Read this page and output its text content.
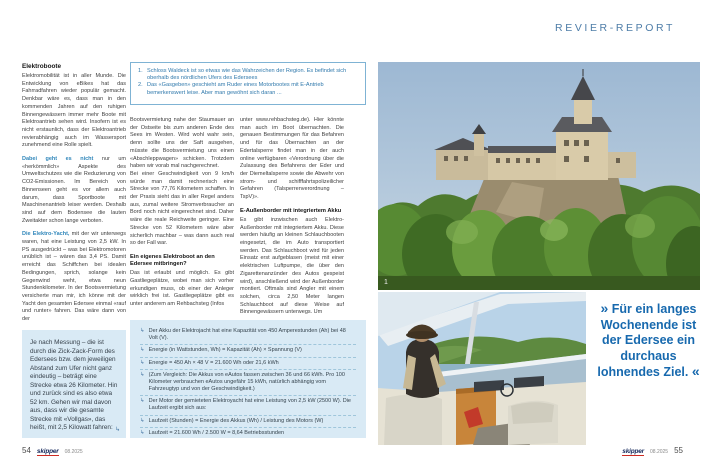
REVIER-REPORT
Elektroboote

Elektromobilität ist in aller Munde. Die Entwicklung von eBikes hat das Fahrradfahren wieder populär gemacht. Denkbar wäre es, dass man in den kommenden Jahren auf den ruhigen Binnengewässern immer mehr Boote mit Elektroantrieb sehen wird. Insofern ist es nicht erstaunlich, dass der Elektroantrieb revierabhängig auch im Wassersport zunehmend eine Rolle spielt.

Dabei geht es nicht nur um «herkömmlich» Aspekte des Umweltschutzes wie die Reduzierung von CO2-Emissionen. Im Bereich von Binnenseen geht es vor allem auch darum, dass Sportboote mit Maschinenantrieb leiser werden. Deshalb sind auf dem Bodensee die lauten Zweitakter schon lange verboten.

Die Elektro-Yacht, mit der wir unterwegs waren, hat eine Leistung von 2,5 kW. In PS ausgedrückt – was bei Elektromotoren unüblich ist – wären das 3,4 PS. Damit erreicht das Schiffchen bei idealen Bedingungen, sprich, solange kein Gegenwind weht, etwa neun Stundenkilometer. In der Bootsvermietung versicherte man mir, ich könne mit der Yacht den gesamten Edersee einmal «rauf und runter» fahren. Das wäre dann von der

1. Schloss Waldeck ist so etwas wie das Wahrzeichen der Region. Es befindet sich oberhalb des nördlichen Ufers des Edersees
2. Das «Gasgeben» geschieht am Ruder eines Motorbootes mit E-Antrieb bemerkenswert leise. Aber man gewöhnt sich daran ...

Bootsvermietung nahe der Staumauer an der Ostseite bis zum anderen Ende des Sees im Westen. Wird wohl wahr sein, denn sollte uns der Saft ausgehen, müsste die Bootsvermietung uns einen «Abschleppwagen» schicken. Trotzdem haben wir vorab mal nachgerechnet.

Bei einer Geschwindigkeit von 9 km/h würde man damit rechnerisch eine Strecke von 77,76 Kilometern schaffen. In der Praxis sieht das in aller Regel anders aus, zumal weitere Stromverbraucher an Bord noch nicht eingerechnet sind. Daher wäre die reale Reichweite geringer. Eine Strecke von 52 Kilometern wäre aber sicherlich machbar – was dann auch real so der Fall war.

Ein eigenes Elektroboot an den Edersee mitbringen?

Das ist erlaubt und möglich. Es gibt Gastliegeplätze, wobei man sich vorher erkundigen muss, ob einer der Anleger wirklich frei ist. Gastliegeplätze gibt es unter anderem am Rehbachsteg (Infos

unter www.rehbachsteg.de). Hier könnte man auch im Boot übernachten. Die genauen Bestimmungen für das Befahren und für das Übernachten an der Edertalsperre findet man in der auch online verfügbaren «Verordnung über die Zulassung des Befahrens der Eder und der Diemeltalsperre sowie die Abwehr von strom- und schifffahrtspolizeilicher Gefahren (Talsperrenverordnung – TspV)».

E-Außenborder mit integriertem Akku

Es gibt inzwischen auch Elektro-Außenborder mit integriertem Akku. Diese werden häufig an kleinen Schlauchbooten eingesetzt, die im Auto transportiert werden. Das Schlauchboot wird für jeden Einsatz erst aufgeblasen (meist mit einer elektrischen Luftpumpe, die über den Zigarettenanzünder des Autos gespeist wird), anschließend wird der Außenborder montiert. Oftmals sind Angler mit einem solchen, circa 2,50 Meter langen Schlauchboot auf diese Weise auf Binnengewässern unterwegs. Um

Je nach Messung – die ist durch die Zick-Zack-Form des Edersees bzw. dem jeweiligen Abstand zum Ufer nicht ganz eindeutig – beträgt eine Strecke etwa 26 Kilometer. Hin und zurück sind es also etwa 52 km. Gehen wir mal davon aus, dass wir die gesamte Strecke mit «Vollgas», das heißt, mit 2,5 Kilowatt fahren: ↳
↳ Der Akku der Elektrojacht hat eine Kapazität von 450 Amperestunden (Ah) bei 48 Volt (V).
↳ Energie (in Wattstunden, Wh) = Kapazität (Ah) × Spannung (V)
↳ Energie = 450 Ah × 48 V = 21.600 Wh oder 21,6 kWh
↳ (Zum Vergleich: Die Akkus von eAutos fassen zwischen 36 und 66 kWh. Pro 100 Kilometer verbrauchen eAutos ungefähr 15 kWh, natürlich abhängig vom Fahrzeugtyp und von der Geschwindigkeit.)
↳ Der Motor der gemieteten Elektroyacht hat eine Leistung von 2,5 kW (2500 W). Die Laufzeit ergibt sich aus:
↳ Laufzeit (Stunden) = Energie des Akkus (Wh) / Leistung des Motors (W)
↳ Laufzeit = 21.600 Wh / 2.500 W = 8,64 Betriebsstunden
1
» Für ein langes Wochenende ist der Edersee ein durchaus lohnendes Ziel. «
54 skipper 08.2025	skipper 08.2025 55
